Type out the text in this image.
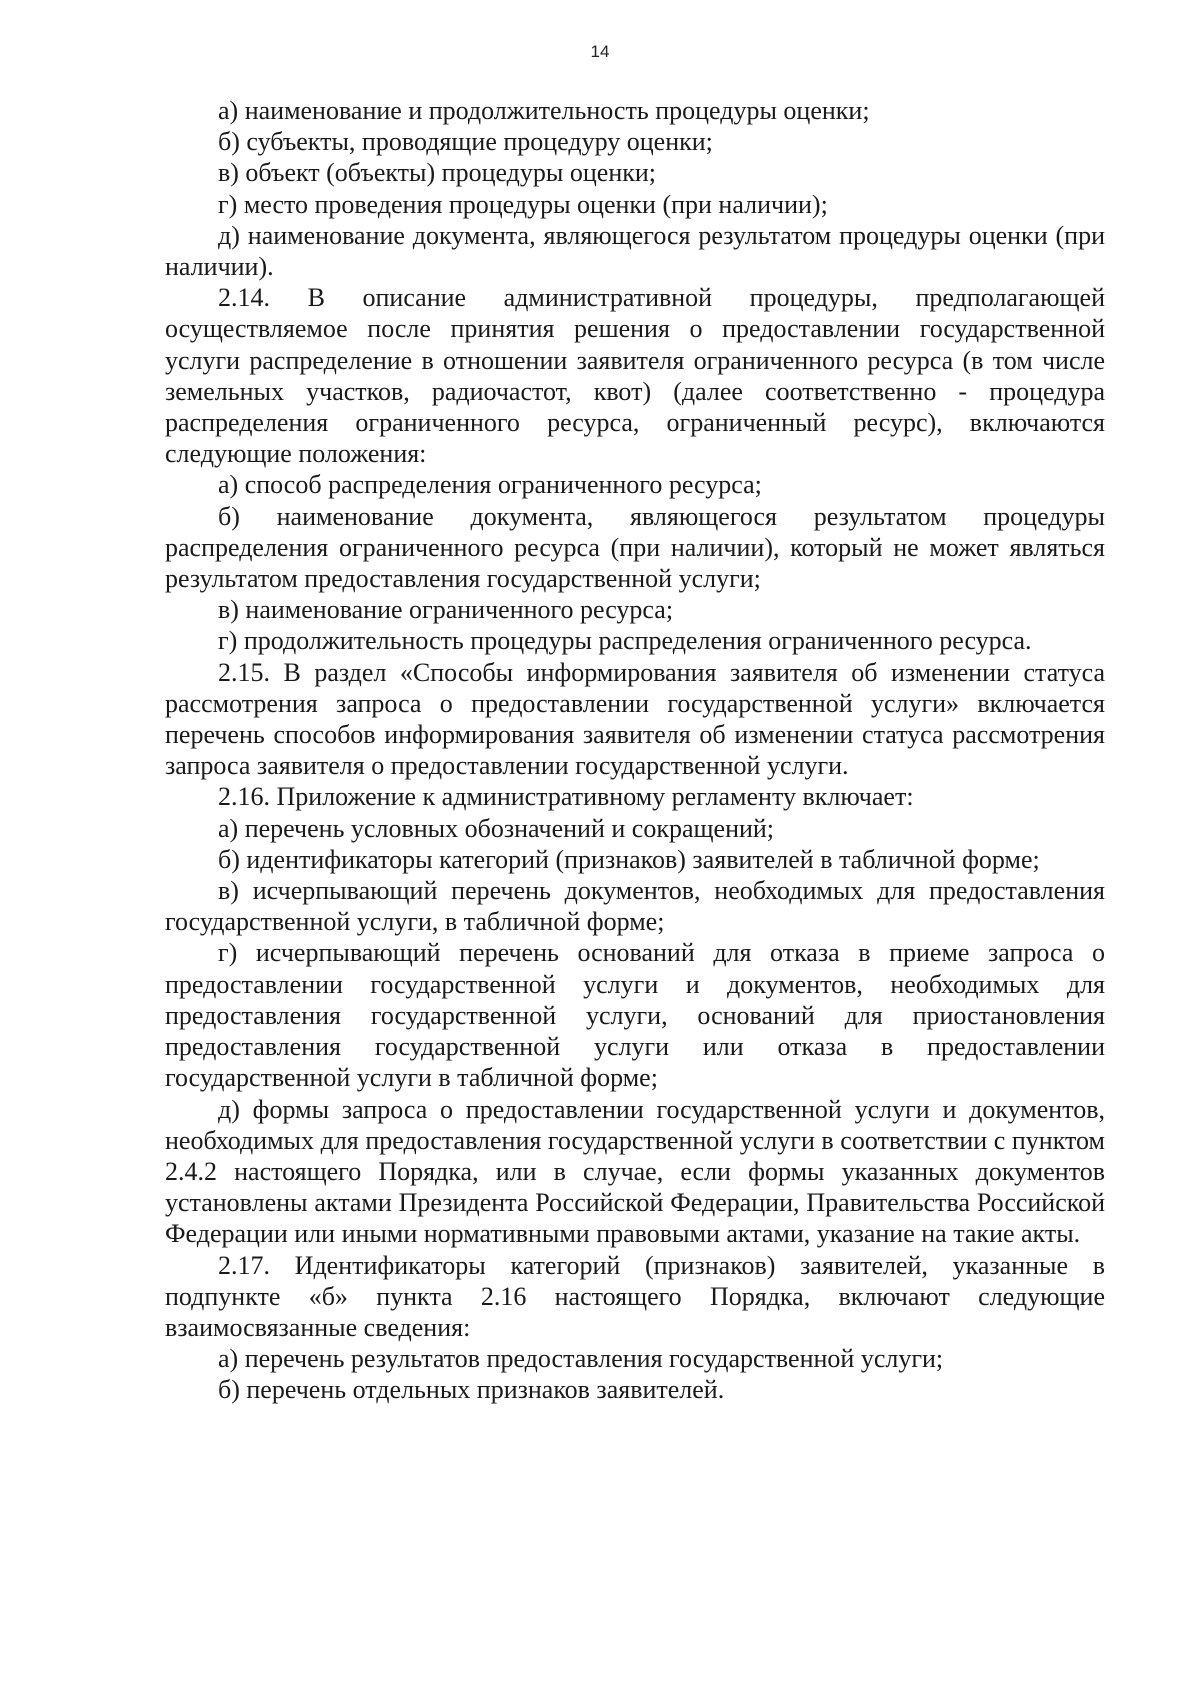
14

а) наименование и продолжительность процедуры оценки;

б) субъекты, проводящие процедуру оценки;

в) объект (объекты) процедуры оценки;

г) место проведения процедуры оценки (при наличии);

д) наименование документа, являющегося результатом процедуры оценки (при наличии).

2.14. В описание административной процедуры, предполагающей осуществляемое после принятия решения о предоставлении государственной услуги распределение в отношении заявителя ограниченного ресурса (в том числе земельных участков, радиочастот, квот) (далее соответственно - процедура распределения ограниченного ресурса, ограниченный ресурс), включаются следующие положения:

а) способ распределения ограниченного ресурса;

б) наименование документа, являющегося результатом процедуры распределения ограниченного ресурса (при наличии), который не может являться результатом предоставления государственной услуги;

в) наименование ограниченного ресурса;

г) продолжительность процедуры распределения ограниченного ресурса.

2.15. В раздел «Способы информирования заявителя об изменении статуса рассмотрения запроса о предоставлении государственной услуги» включается перечень способов информирования заявителя об изменении статуса рассмотрения запроса заявителя о предоставлении государственной услуги.

2.16. Приложение к административному регламенту включает:

а) перечень условных обозначений и сокращений;

б) идентификаторы категорий (признаков) заявителей в табличной форме;

в) исчерпывающий перечень документов, необходимых для предоставления государственной услуги, в табличной форме;

г) исчерпывающий перечень оснований для отказа в приеме запроса о предоставлении государственной услуги и документов, необходимых для предоставления государственной услуги, оснований для приостановления предоставления государственной услуги или отказа в предоставлении государственной услуги в табличной форме;

д) формы запроса о предоставлении государственной услуги и документов, необходимых для предоставления государственной услуги в соответствии с пунктом 2.4.2 настоящего Порядка, или в случае, если формы указанных документов установлены актами Президента Российской Федерации, Правительства Российской Федерации или иными нормативными правовыми актами, указание на такие акты.

2.17. Идентификаторы категорий (признаков) заявителей, указанные в подпункте «б» пункта 2.16 настоящего Порядка, включают следующие взаимосвязанные сведения:

а) перечень результатов предоставления государственной услуги;

б) перечень отдельных признаков заявителей.
